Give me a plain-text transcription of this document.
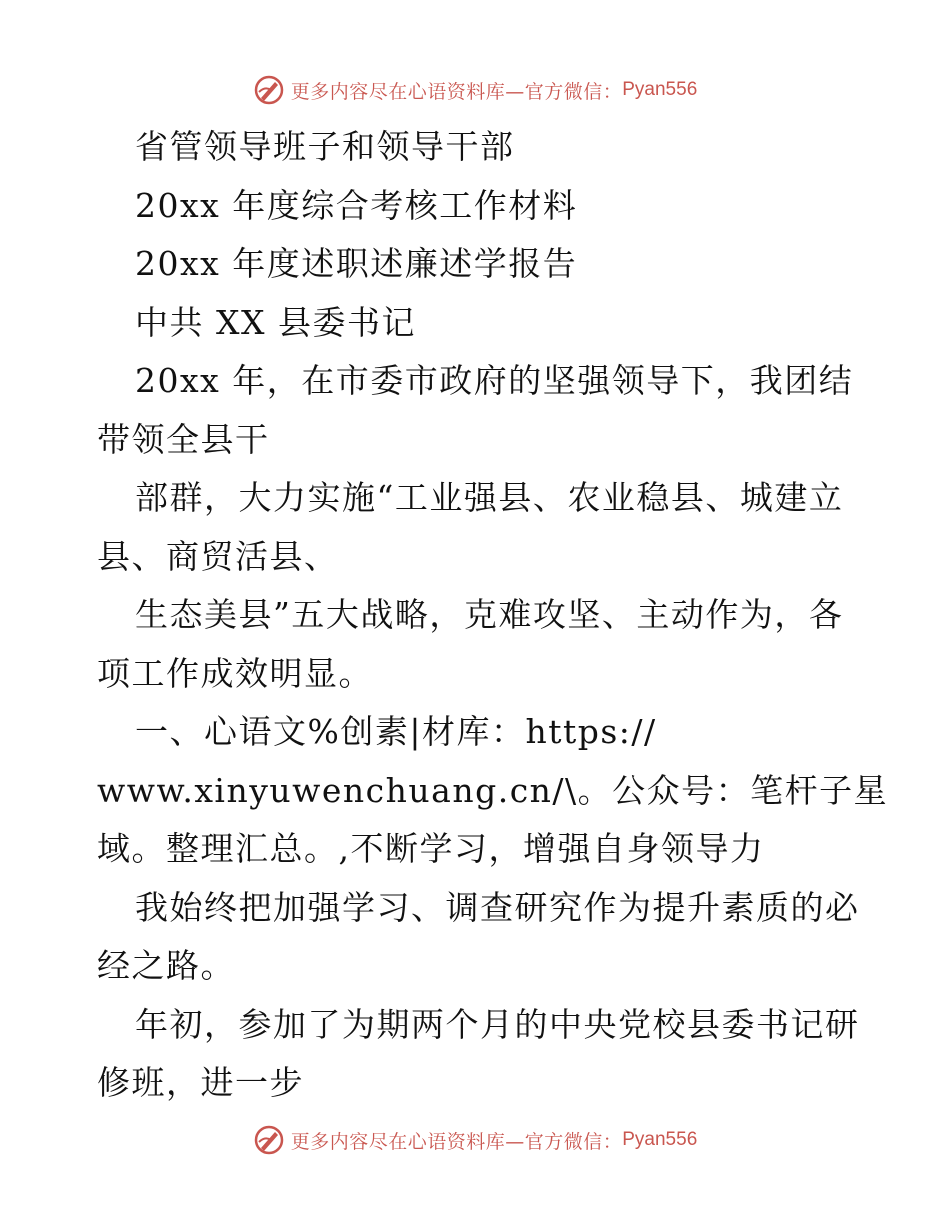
更多内容尽在心语资料库—官方微信： Pyan556
省管领导班子和领导干部
20xx 年度综合考核工作材料
20xx 年度述职述廉述学报告
中共 XX 县委书记
20xx 年，在市委市政府的坚强领导下，我团结
带领全县干
部群，大力实施“工业强县、农业稳县、城建立
县、商贸活县、
生态美县”五大战略，克难攻坚、主动作为，各
项工作成效明显。
一、心语文%创素|材库：https://
www.xinyuwenchuang.cn/\。公众号：笔杆子星
域。整理汇总。,不断学习，增强自身领导力
我始终把加强学习、调查研究作为提升素质的必
经之路。
年初，参加了为期两个月的中央党校县委书记研
修班，进一步
更多内容尽在心语资料库—官方微信： Pyan556
